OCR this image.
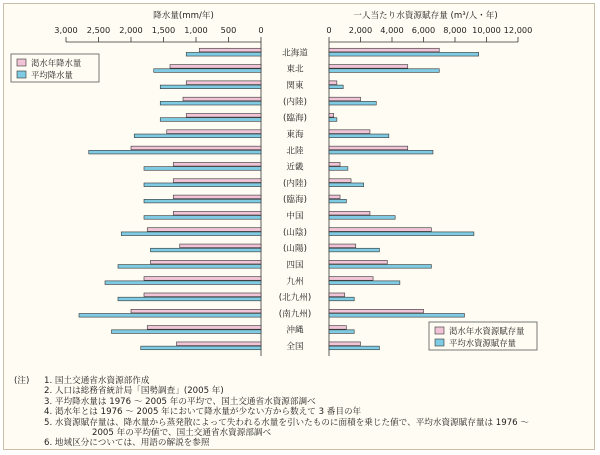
降水量(mm/年)	一人当たり水資源賦存量 (m³/人・年)
3,000 2,500 2,000 1,500 1,000 500	0	0 2,000 4,000 6,000 8,000 10,000 12,000
北海道
東北
関東
(内陸)
(臨海)
東海
北陸
近畿
(内陸)
(臨海)
中国
(山陰)
(山陽)
四国
九州
(北九州)
(南九州)
沖縄
全国
渇水年降水量
平均降水量
渇水年水資源賦存量
平均水資源賦存量
(注)	1. 国土交通省水資源部作成
2. 人口は総務省統計局「国勢調査」(2005 年)
3. 平均降水量は 1976 〜 2005 年の平均で、国土交通省水資源部調べ
4. 渇水年とは 1976 〜 2005 年において降水量が少ない方から数えて 3 番目の年
5. 水資源賦存量は、降水量から蒸発散によって失われる水量を引いたものに面積を乗じた値で、平均水資源賦存量は 1976 〜
2005 年の平均値で、国土交通省水資源部調べ
6. 地域区分については、用語の解説を参照
